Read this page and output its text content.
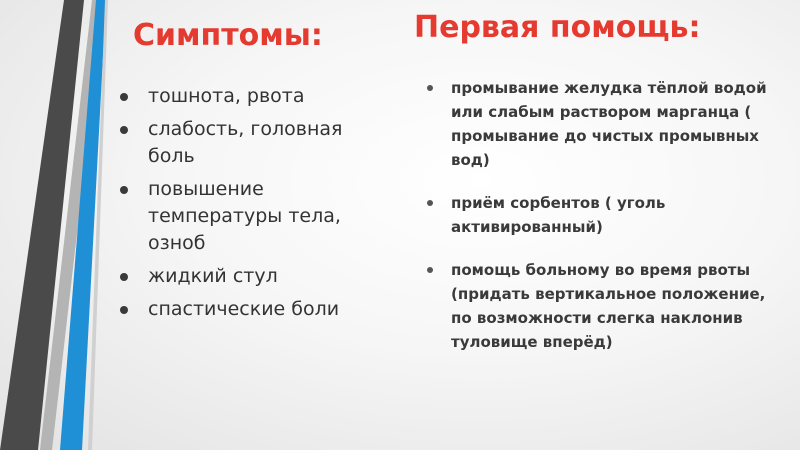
Симптомы:	Первая помощь:
тошнота, рвота
слабость, головная боль
повышение температуры тела, озноб
жидкий стул
спастические боли
промывание желудка тёплой водой или слабым раствором марганца ( промывание до чистых промывных вод)
приём сорбентов ( уголь активированный)
помощь больному во время рвоты (придать вертикальное положение, по возможности слегка наклонив туловище вперёд)
